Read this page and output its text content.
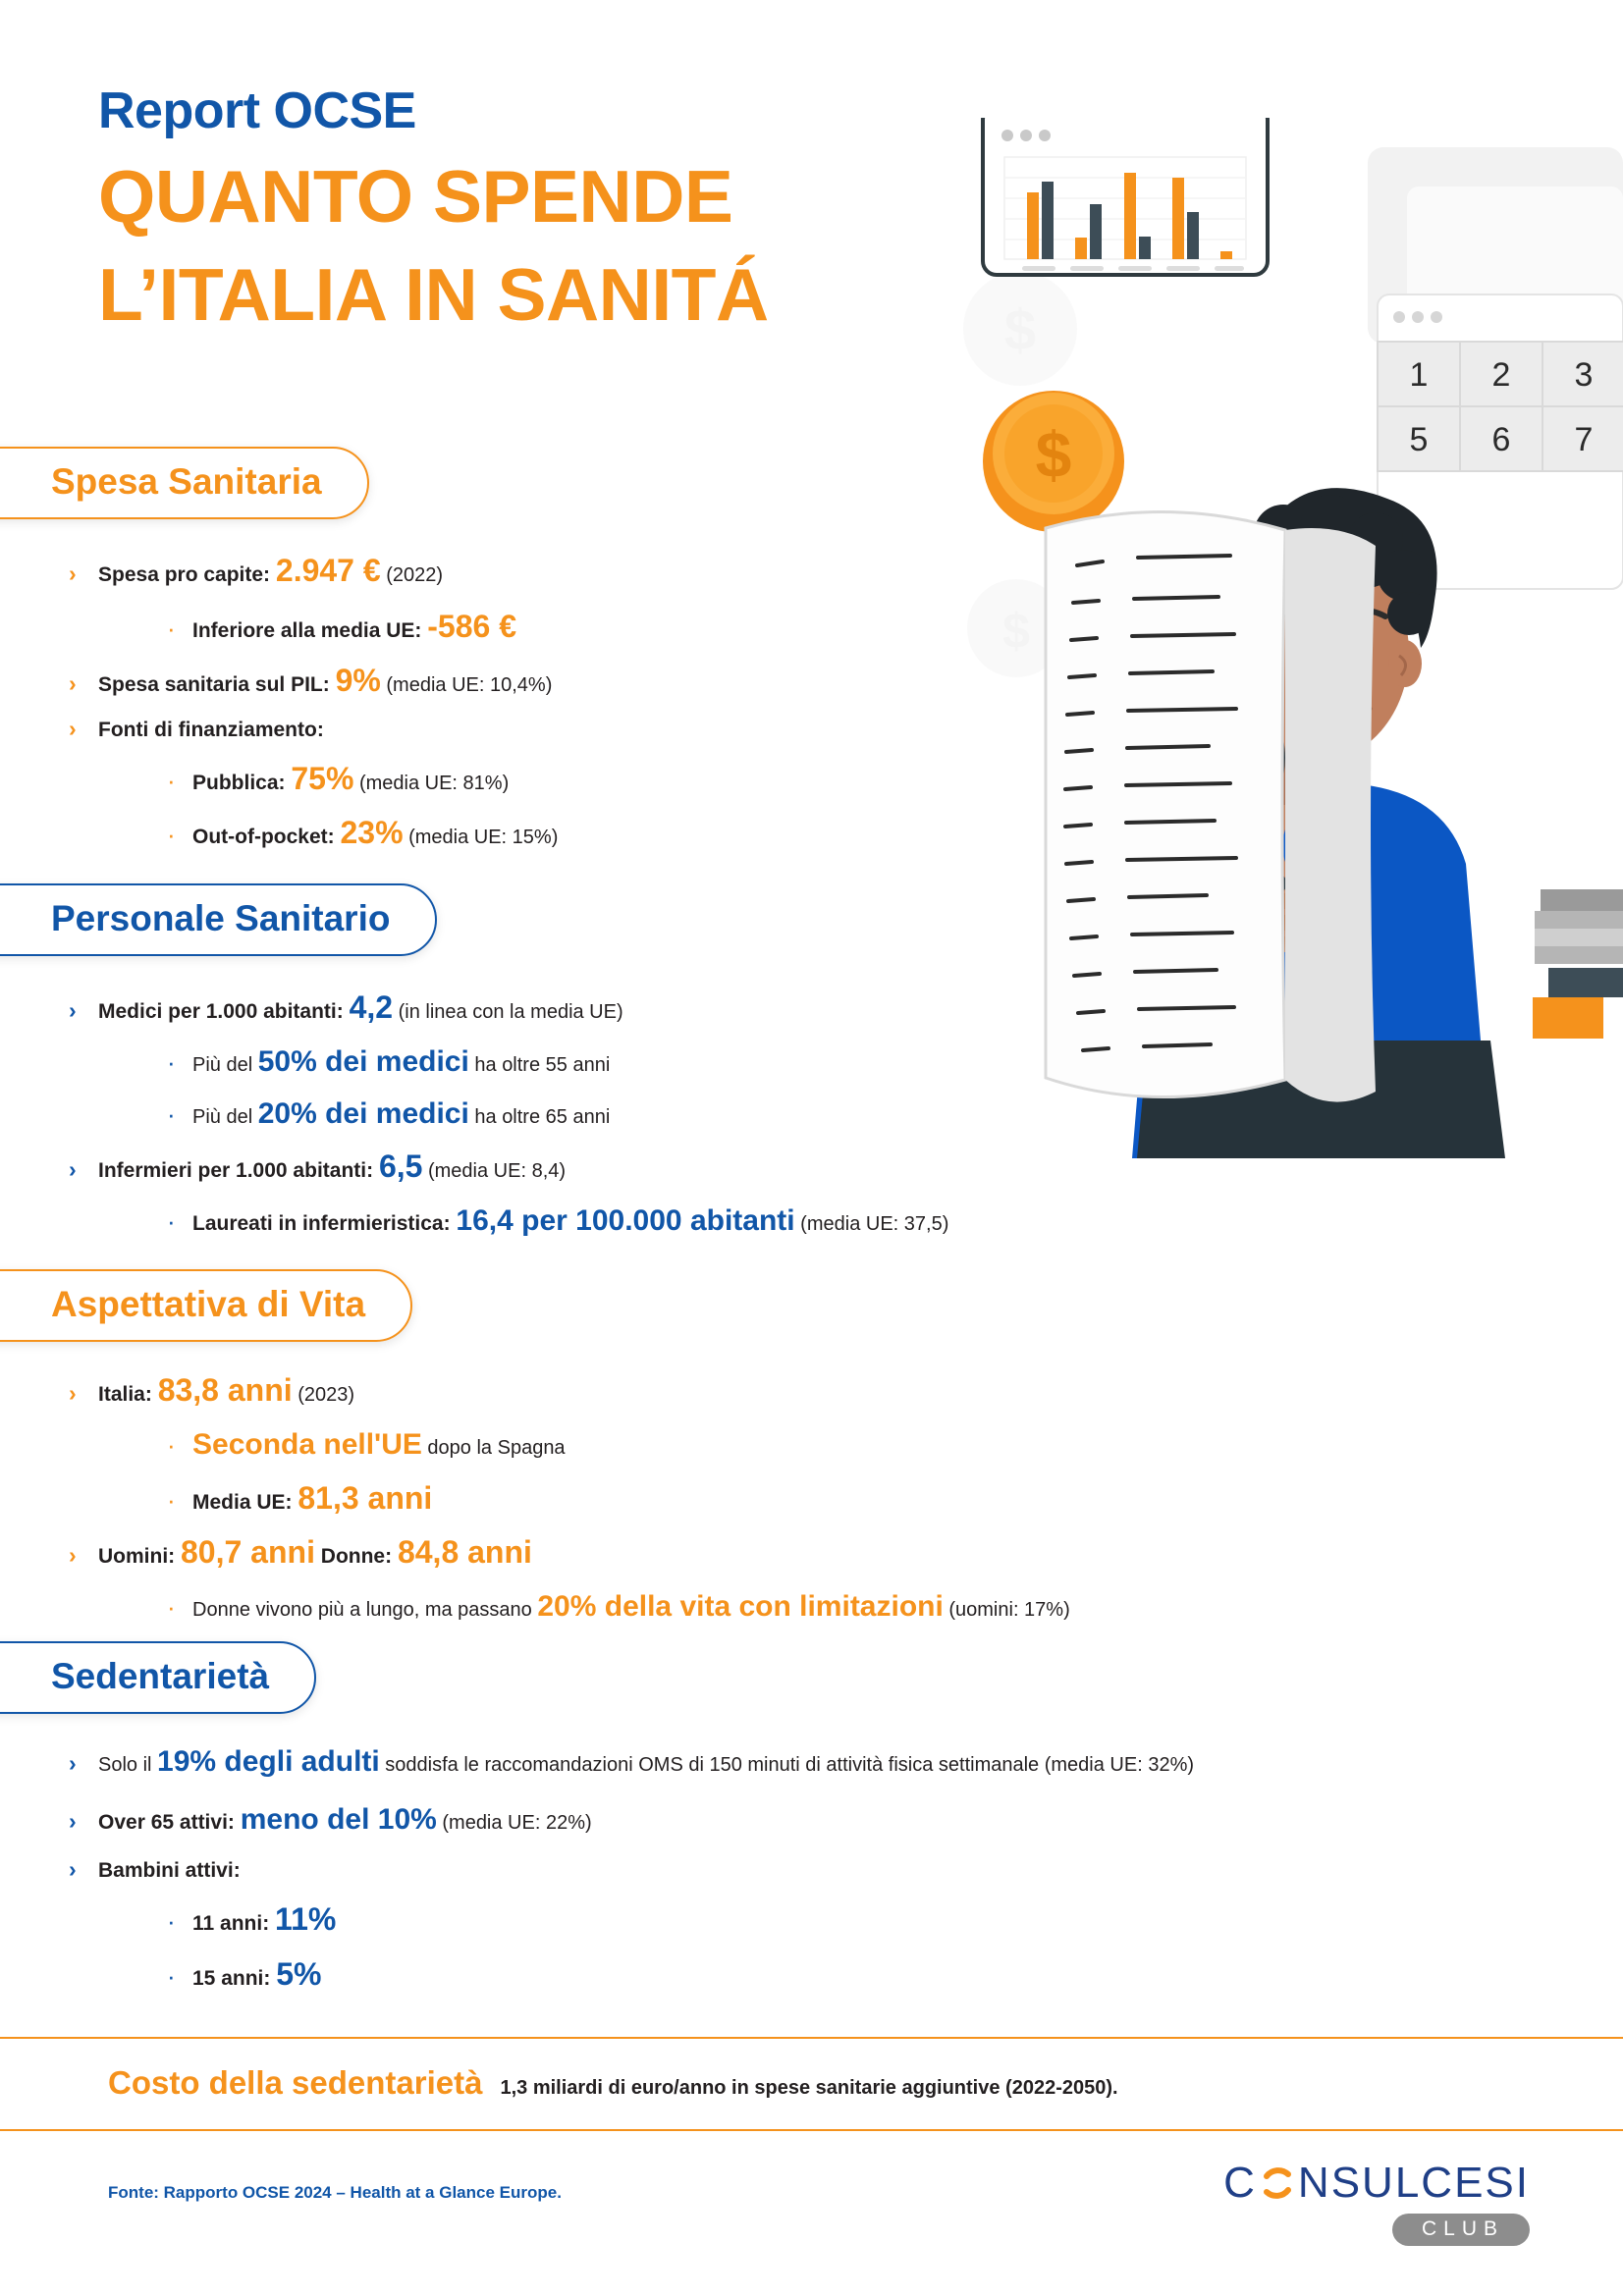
$
$
1 2 3
5 6 7
$
Report OCSE
QUANTO SPENDE
L’ITALIA IN SANITÁ
Spesa Sanitaria
›	Spesa pro capite: 2.947 € (2022)
· Inferiore alla media UE: -586 €
›	Spesa sanitaria sul PIL: 9% (media UE: 10,4%)
›	Fonti di finanziamento:
· Pubblica: 75% (media UE: 81%)
· Out-of-pocket: 23% (media UE: 15%)
Personale Sanitario
›	Medici per 1.000 abitanti: 4,2 (in linea con la media UE)
· Più del 50% dei medici ha oltre 55 anni
· Più del 20% dei medici ha oltre 65 anni
›	Infermieri per 1.000 abitanti: 6,5 (media UE: 8,4)
· Laureati in infermieristica: 16,4 per 100.000 abitanti (media UE: 37,5)
Aspettativa di Vita
›	Italia: 83,8 anni (2023)
· Seconda nell'UE dopo la Spagna
· Media UE: 81,3 anni
›	Uomini: 80,7 anni Donne: 84,8 anni
· Donne vivono più a lungo, ma passano 20% della vita con limitazioni (uomini: 17%)
Sedentarietà
›	Solo il 19% degli adulti soddisfa le raccomandazioni OMS di 150 minuti di attività fisica settimanale (media UE: 32%)
›	Over 65 attivi: meno del 10% (media UE: 22%)
›	Bambini attivi:
· 11 anni: 11%
· 15 anni: 5%
Costo della sedentarietà 1,3 miliardi di euro/anno in spese sanitarie aggiuntive (2022-2050).
Fonte: Rapporto OCSE 2024 – Health at a Glance Europe.	C NSULCESI
CLUB
